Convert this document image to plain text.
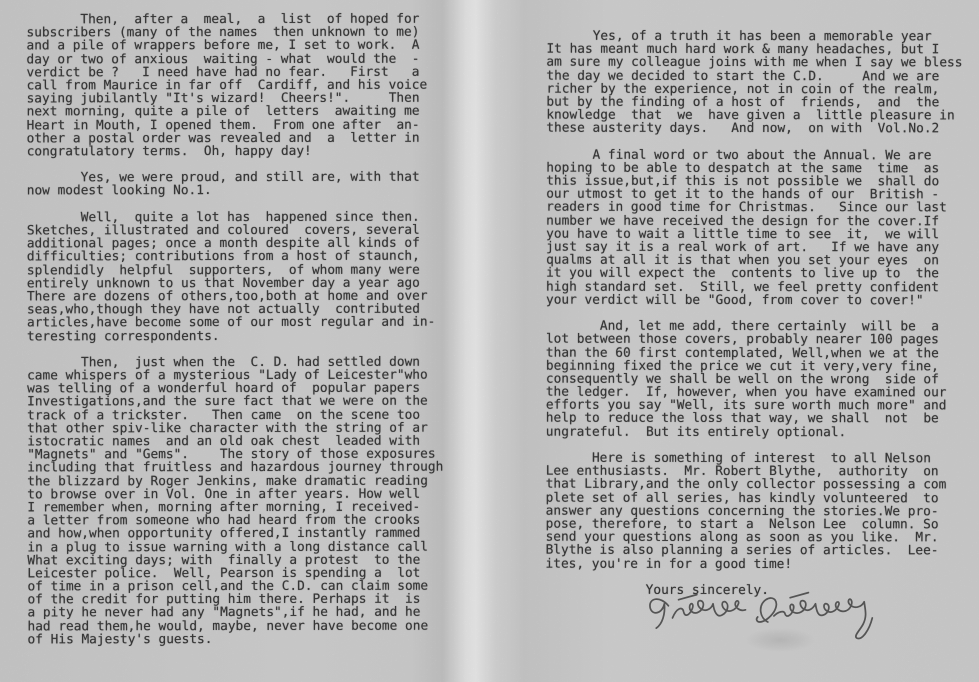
Then,  after a  meal,  a  list  of hoped for
subscribers (many of the names  then unknown to me)
and a pile of wrappers before me, I set to work.  A
day or two of anxious  waiting - what  would the  -
verdict be ?   I need have had no fear.   First   a
call from Maurice in far off  Cardiff, and his voice
saying jubilantly "It's wizard!  Cheers!".     Then
next morning, quite a pile of  letters  awaiting me
Heart in Mouth, I opened them.  From one after  an-
other a postal order was revealed and  a  letter in
congratulatory terms.  Oh, happy day!

Yes, we were proud, and still are, with that
now modest looking No.1.

Well,  quite a lot has  happened since then.
Sketches, illustrated and coloured  covers, several
additional pages; once a month despite all kinds of
difficulties; contributions from a host of staunch,
splendidly  helpful  supporters,  of whom many were
entirely unknown to us that November day a year ago
There are dozens of others,too,both at home and over
seas,who,though they have not actually  contributed
articles,have become some of our most regular and in-
teresting correspondents.

Then,  just when the  C. D. had settled down
came whispers of a mysterious "Lady of Leicester"who
was telling of a wonderful hoard of  popular papers
Investigations,and the sure fact that we were on the
track of a trickster.   Then came  on the scene too
that other spiv-like character with the string of ar
istocratic names  and an old oak chest  leaded with
"Magnets" and "Gems".    The story of those exposures
including that fruitless and hazardous journey through
the blizzard by Roger Jenkins, make dramatic reading
to browse over in Vol. One in after years. How well
I remember when, morning after morning, I received-
a letter from someone who had heard from the crooks
and how,when opportunity offered,I instantly rammed
in a plug to issue warning with a long distance call
What exciting days; with  finally a protest  to the
Leicester police.  Well, Pearson is spending a  lot
of time in a prison cell,and the C.D. can claim some
of the credit for putting him there. Perhaps it  is
a pity he never had any "Magnets",if he had, and he
had read them,he would, maybe, never have become one
of His Majesty's guests.
Yes, of a truth it has been a memorable year
It has meant much hard work & many headaches, but I
am sure my colleague joins with me when I say we bless
the day we decided to start the C.D.     And we are
richer by the experience, not in coin of the realm,
but by the finding of a host of  friends,  and  the
knowledge  that  we  have given a  little pleasure in
these austerity days.   And now,  on with  Vol.No.2

A final word or two about the Annual. We are
hoping to be able to despatch at the same  time  as
this issue,but,if this is not possible we  shall do
our utmost to get it to the hands of our  British -
readers in good time for Christmas.   Since our last
number we have received the design for the cover.If
you have to wait a little time to see  it,  we will
just say it is a real work of art.   If we have any
qualms at all it is that when you set your eyes  on
it you will expect the  contents to live up to  the
high standard set.  Still, we feel pretty confident
your verdict will be "Good, from cover to cover!"

And, let me add, there certainly  will be  a
lot between those covers, probably nearer 100 pages
than the 60 first contemplated, Well,when we at the
beginning fixed the price we cut it very,very fine,
consequently we shall be well on the wrong  side of
the ledger.  If, however, when you have examined our
efforts you say "Well, its sure worth much more" and
help to reduce the loss that way, we shall  not  be
ungrateful.  But its entirely optional.

Here is something of interest  to all Nelson
Lee enthusiasts.  Mr. Robert Blythe,  authority  on
that Library,and the only collector possessing a com
plete set of all series, has kindly volunteered  to
answer any questions concerning the stories.We pro-
pose, therefore, to start a  Nelson Lee  column. So
send your questions along as soon as you like.  Mr.
Blythe is also planning a series of articles.  Lee-
ites, you're in for a good time!

Yours sincerely.
